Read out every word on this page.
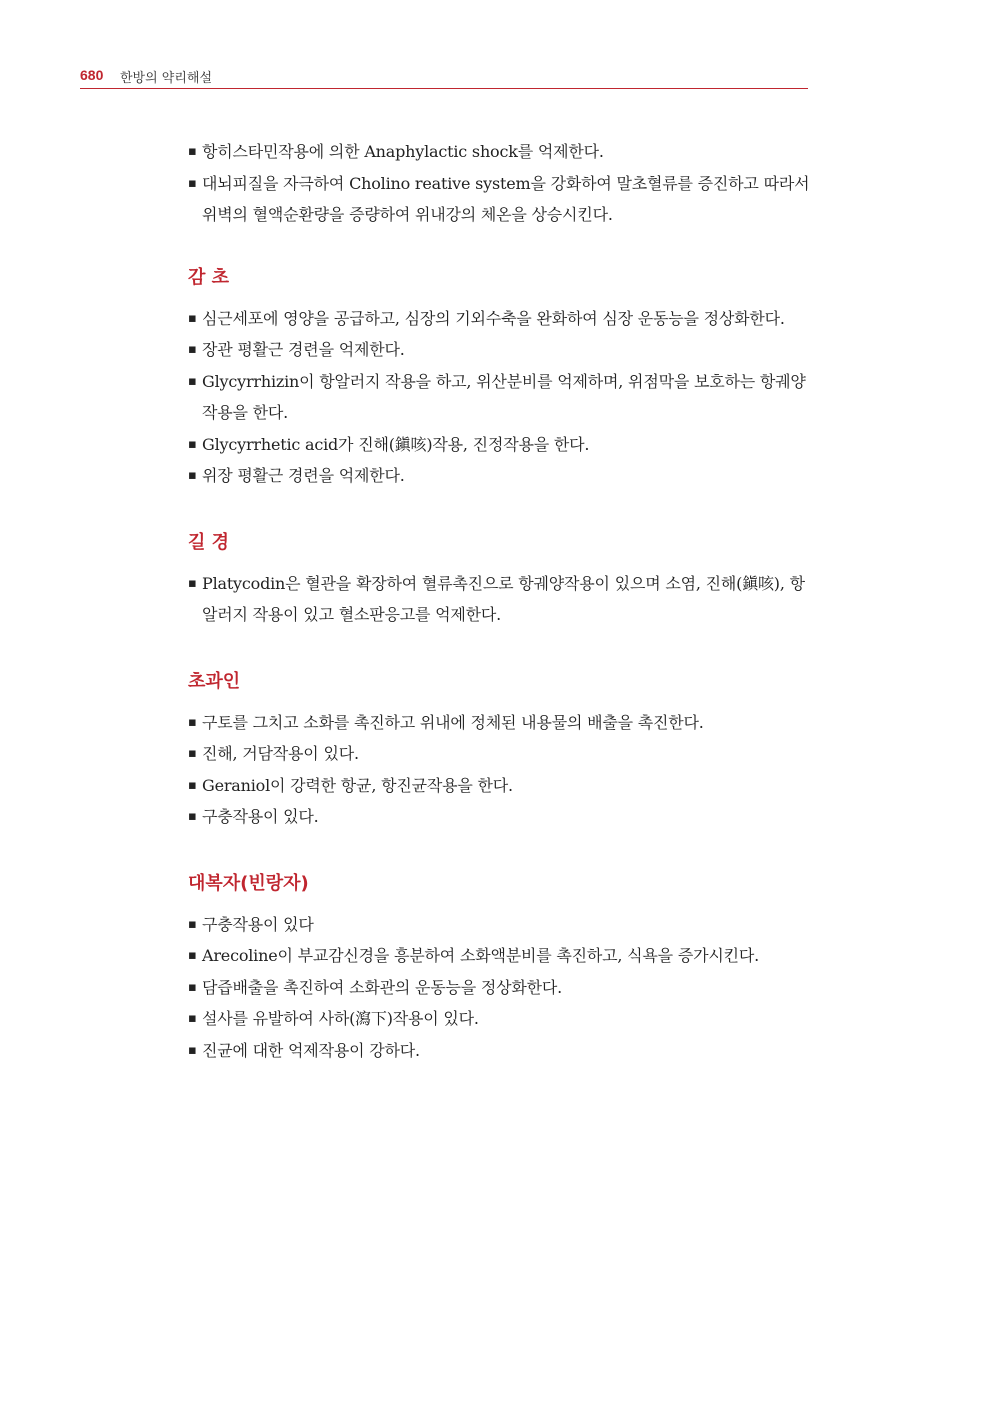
680 한방의 약리해설
▪ 항히스타민작용에 의한 Anaphylactic shock를 억제한다.
▪ 대뇌피질을 자극하여 Cholino reative system을 강화하여 말초혈류를 증진하고 따라서 위벽의 혈액순환량을 증량하여 위내강의 체온을 상승시킨다.
감 초
▪ 심근세포에 영양을 공급하고, 심장의 기외수축을 완화하여 심장 운동능을 정상화한다.
▪ 장관 평활근 경련을 억제한다.
▪ Glycyrrhizin이 항알러지 작용을 하고, 위산분비를 억제하며, 위점막을 보호하는 항궤양작용을 한다.
▪ Glycyrrhetic acid가 진해(鎭咳)작용, 진정작용을 한다.
▪ 위장 평활근 경련을 억제한다.
길 경
▪ Platycodin은 혈관을 확장하여 혈류촉진으로 항궤양작용이 있으며 소염, 진해(鎭咳), 항알러지 작용이 있고 혈소판응고를 억제한다.
초과인
▪ 구토를 그치고 소화를 촉진하고 위내에 정체된 내용물의 배출을 촉진한다.
▪ 진해, 거담작용이 있다.
▪ Geraniol이 강력한 항균, 항진균작용을 한다.
▪ 구충작용이 있다.
대복자(빈랑자)
▪ 구충작용이 있다
▪ Arecoline이 부교감신경을 흥분하여 소화액분비를 촉진하고, 식욕을 증가시킨다.
▪ 담즙배출을 촉진하여 소화관의 운동능을 정상화한다.
▪ 설사를 유발하여 사하(瀉下)작용이 있다.
▪ 진균에 대한 억제작용이 강하다.
